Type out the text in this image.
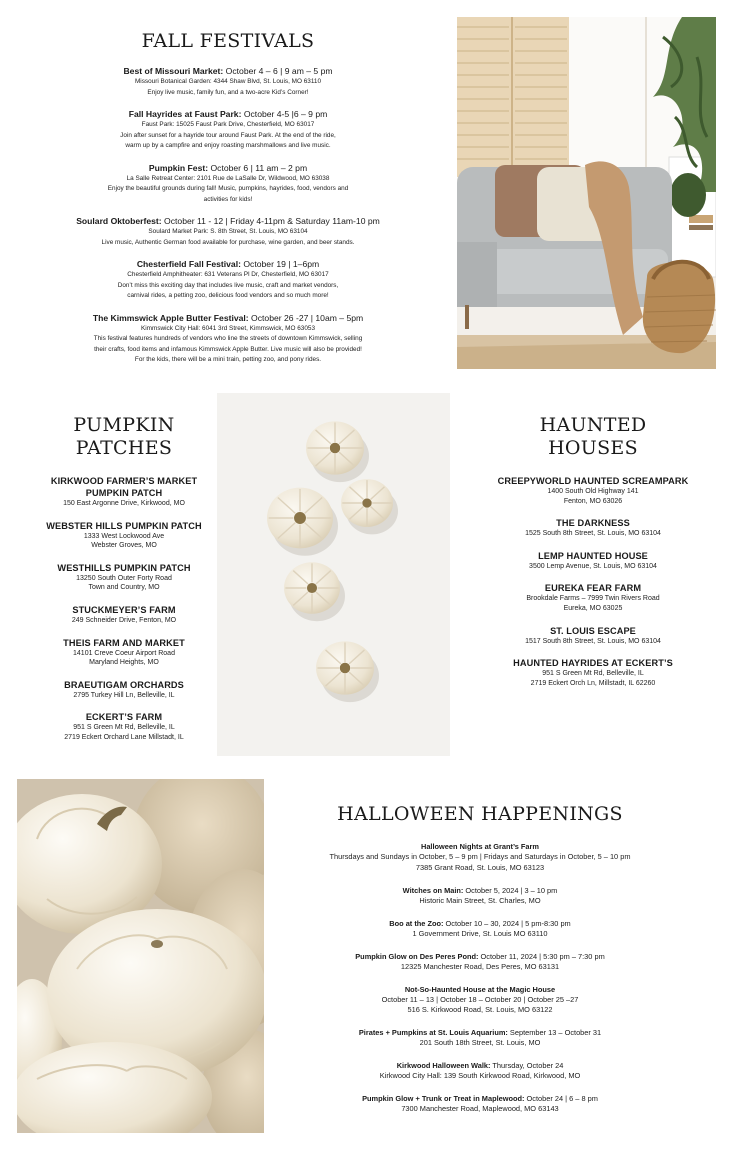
FALL FESTIVALS
Best of Missouri Market: October 4 – 6 | 9 am – 5 pm
Missouri Botanical Garden: 4344 Shaw Blvd, St. Louis, MO 63110
Enjoy live music, family fun, and a two-acre Kid’s Corner!
Fall Hayrides at Faust Park: October 4-5 |6 – 9 pm
Faust Park: 15025 Faust Park Drive, Chesterfield, MO 63017
Join after sunset for a hayride tour around Faust Park. At the end of the ride,
warm up by a campfire and enjoy roasting marshmallows and live music.
Pumpkin Fest: October 6 | 11 am – 2 pm
La Salle Retreat Center: 2101 Rue de LaSalle Dr, Wildwood, MO 63038
Enjoy the beautiful grounds during fall! Music, pumpkins, hayrides, food, vendors and
activities for kids!
Soulard Oktoberfest: October 11 - 12 | Friday 4-11pm & Saturday 11am-10 pm
Soulard Market Park: S. 8th Street, St. Louis, MO 63104
Live music, Authentic German food available for purchase, wine garden, and beer stands.
Chesterfield Fall Festival: October 19 | 1–6pm
Chesterfield Amphitheater: 631 Veterans Pl Dr, Chesterfield, MO 63017
Don’t miss this exciting day that includes live music, craft and market vendors,
carnival rides, a petting zoo, delicious food vendors and so much more!
The Kimmswick Apple Butter Festival: October 26 -27 | 10am – 5pm
Kimmswick City Hall: 6041 3rd Street, Kimmswick, MO 63053
This festival features hundreds of vendors who line the streets of downtown Kimmswick, selling
their crafts, food items and infamous Kimmswick Apple Butter. Live music will also be provided!
For the kids, there will be a mini train, petting zoo, and pony rides.
PUMPKIN
PATCHES
KIRKWOOD FARMER’S MARKET
PUMPKIN PATCH
150 East Argonne Drive, Kirkwood, MO
WEBSTER HILLS PUMPKIN PATCH
1333 West Lockwood Ave
Webster Groves, MO
WESTHILLS PUMPKIN PATCH
13250 South Outer Forty Road
Town and Country, MO
STUCKMEYER’S FARM
249 Schneider Drive, Fenton, MO
THEIS FARM AND MARKET
14101 Creve Coeur Airport Road
Maryland Heights, MO
BRAEUTIGAM ORCHARDS
2795 Turkey Hill Ln, Belleville, IL
ECKERT’S FARM
951 S Green Mt Rd, Belleville, IL
2719 Eckert Orchard Lane Millstadt, IL
HAUNTED
HOUSES
CREEPYWORLD HAUNTED SCREAMPARK
1400 South Old Highway 141
Fenton, MO 63026
THE DARKNESS
1525 South 8th Street, St. Louis, MO 63104
LEMP HAUNTED HOUSE
3500 Lemp Avenue, St. Louis, MO 63104
EUREKA FEAR FARM
Brookdale Farms – 7999 Twin Rivers Road
Eureka, MO 63025
ST. LOUIS ESCAPE
1517 South 8th Street, St. Louis, MO 63104
HAUNTED HAYRIDES AT ECKERT’S
951 S Green Mt Rd, Belleville, IL
2719 Eckert Orch Ln, Millstadt, IL 62260
HALLOWEEN HAPPENINGS
Halloween Nights at Grant’s Farm
Thursdays and Sundays in October, 5 – 9 pm | Fridays and Saturdays in October, 5 – 10 pm
7385 Grant Road, St. Louis, MO 63123
Witches on Main: October 5, 2024 | 3 – 10 pm
Historic Main Street, St. Charles, MO
Boo at the Zoo: October 10 – 30, 2024 | 5 pm-8:30 pm
1 Government Drive, St. Louis MO 63110
Pumpkin Glow on Des Peres Pond: October 11, 2024 | 5:30 pm – 7:30 pm
12325 Manchester Road, Des Peres, MO 63131
Not-So-Haunted House at the Magic House
October 11 – 13 | October 18 – October 20 | October 25 –27
516 S. Kirkwood Road, St. Louis, MO 63122
Pirates + Pumpkins at St. Louis Aquarium: September 13 – October 31
201 South 18th Street, St. Louis, MO
Kirkwood Halloween Walk: Thursday, October 24
Kirkwood City Hall: 139 South Kirkwood Road, Kirkwood, MO
Pumpkin Glow + Trunk or Treat in Maplewood: October 24 | 6 – 8 pm
7300 Manchester Road, Maplewood, MO 63143
